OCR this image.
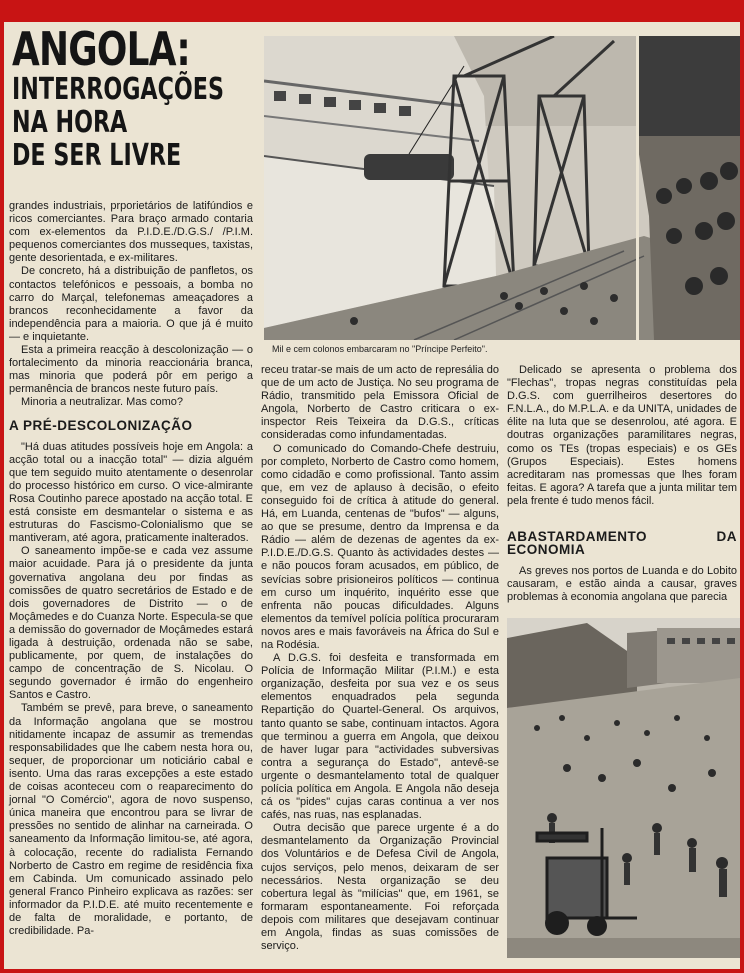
ANGOLA:
INTERROGAÇÕES
NA HORA
DE SER LIVRE
Mil e cem colonos embarcaram no "Príncipe Perfeito".

grandes industriais, prporietários de latifúndios e ricos comerciantes. Para braço armado contaria com ex-elementos da P.I.D.E./D.G.S./ /P.I.M. pequenos comerciantes dos musseques, taxistas, gente desorientada, e ex-militares.

De concreto, há a distribuição de panfletos, os contactos telefónicos e pessoais, a bomba no carro do Marçal, telefonemas ameaçadores a brancos reconhecidamente a favor da independência para a maioria. O que já é muito — e inquietante.

Esta a primeira reacção à descolonização — o fortalecimento da minoria reaccionária branca, mas minoria que poderá pôr em perigo a permanência de brancos neste futuro país.

Minoria a neutralizar. Mas como?

A PRÉ-DESCOLONIZAÇÃO

"Há duas atitudes possíveis hoje em Angola: a acção total ou a inacção total" — dizia alguém que tem seguido muito atentamente o desenrolar do processo histórico em curso. O vice-almirante Rosa Coutinho parece apostado na acção total. E está consiste em desmantelar o sistema e as estruturas do Fascismo-Colonialismo que se mantiveram, até agora, praticamente inalterados.

O saneamento impõe-se e cada vez assume maior acuidade. Para já o presidente da junta governativa angolana deu por findas as comissões de quatro secretários de Estado e de dois governadores de Distrito — o de Moçâmedes e do Cuanza Norte. Especula-se que a demissão do governador de Moçâmedes estará ligada à destruição, ordenada não se sabe, publicamente, por quem, de instalações do campo de concentração de S. Nicolau. O segundo governador é irmão do engenheiro Santos e Castro.

Também se prevê, para breve, o saneamento da Informação angolana que se mostrou nitidamente incapaz de assumir as tremendas responsabilidades que lhe cabem nesta hora ou, sequer, de proporcionar um noticiário cabal e isento. Uma das raras excepções a este estado de coisas aconteceu com o reaparecimento do jornal "O Comércio", agora de novo suspenso, única maneira que encontrou para se livrar de pressões no sentido de alinhar na carneirada. O saneamento da Informação limitou-se, até agora, à colocação, recente do radialista Fernando Norberto de Castro em regime de residência fixa em Cabinda. Um comunicado assinado pelo general Franco Pinheiro explicava as razões: ser informador da P.I.D.E. até muito recentemente e de falta de moralidade, e portanto, de credibilidade. Pa-

receu tratar-se mais de um acto de represália do que de um acto de Justiça. No seu programa de Rádio, transmitido pela Emissora Oficial de Angola, Norberto de Castro criticara o ex-inspector Reis Teixeira da D.G.S., críticas consideradas como infundamentadas.

O comunicado do Comando-Chefe destruiu, por completo, Norberto de Castro como homem, como cidadão e como profissional. Tanto assim que, em vez de aplauso à decisão, o efeito conseguido foi de crítica à atitude do general. Há, em Luanda, centenas de "bufos" — alguns, ao que se presume, dentro da Imprensa e da Rádio — além de dezenas de agentes da ex-P.I.D.E./D.G.S. Quanto às actividades destes — e não poucos foram acusados, em público, de sevícias sobre prisioneiros políticos — continua em curso um inquérito, inquérito esse que enfrenta não poucas dificuldades. Alguns elementos da temível polícia política procuraram novos ares e mais favoráveis na África do Sul e na Rodésia.

A D.G.S. foi desfeita e transformada em Polícia de Informação Militar (P.I.M.) e esta organização, desfeita por sua vez e os seus elementos enquadrados pela segunda Repartição do Quartel-General. Os arquivos, tanto quanto se sabe, continuam intactos. Agora que terminou a guerra em Angola, que deixou de haver lugar para "actividades subversivas contra a segurança do Estado", antevê-se urgente o desmantelamento total de qualquer polícia política em Angola. E Angola não deseja cá os "pides" cujas caras continua a ver nos cafés, nas ruas, nas esplanadas.

Outra decisão que parece urgente é a do desmantelamento da Organização Provincial dos Voluntários e de Defesa Civil de Angola, cujos serviços, pelo menos, deixaram de ser necessários. Nesta organização se deu cobertura legal às "milícias" que, em 1961, se formaram espontaneamente. Foi reforçada depois com militares que desejavam continuar em Angola, findas as suas comissões de serviço.

Delicado se apresenta o problema dos "Flechas", tropas negras constituídas pela D.G.S. com guerrilheiros desertores do F.N.L.A., do M.P.L.A. e da UNITA, unidades de élite na luta que se desenrolou, até agora. E doutras organizações paramilitares negras, como os TEs (tropas especiais) e os GEs (Grupos Especiais). Estes homens acreditaram nas promessas que lhes foram feitas. E agora? A tarefa que a junta militar tem pela frente é tudo menos fácil.

ABASTARDAMENTO DA ECONOMIA

As greves nos portos de Luanda e do Lobito causaram, e estão ainda a causar, graves problemas à economia angolana que parecia
